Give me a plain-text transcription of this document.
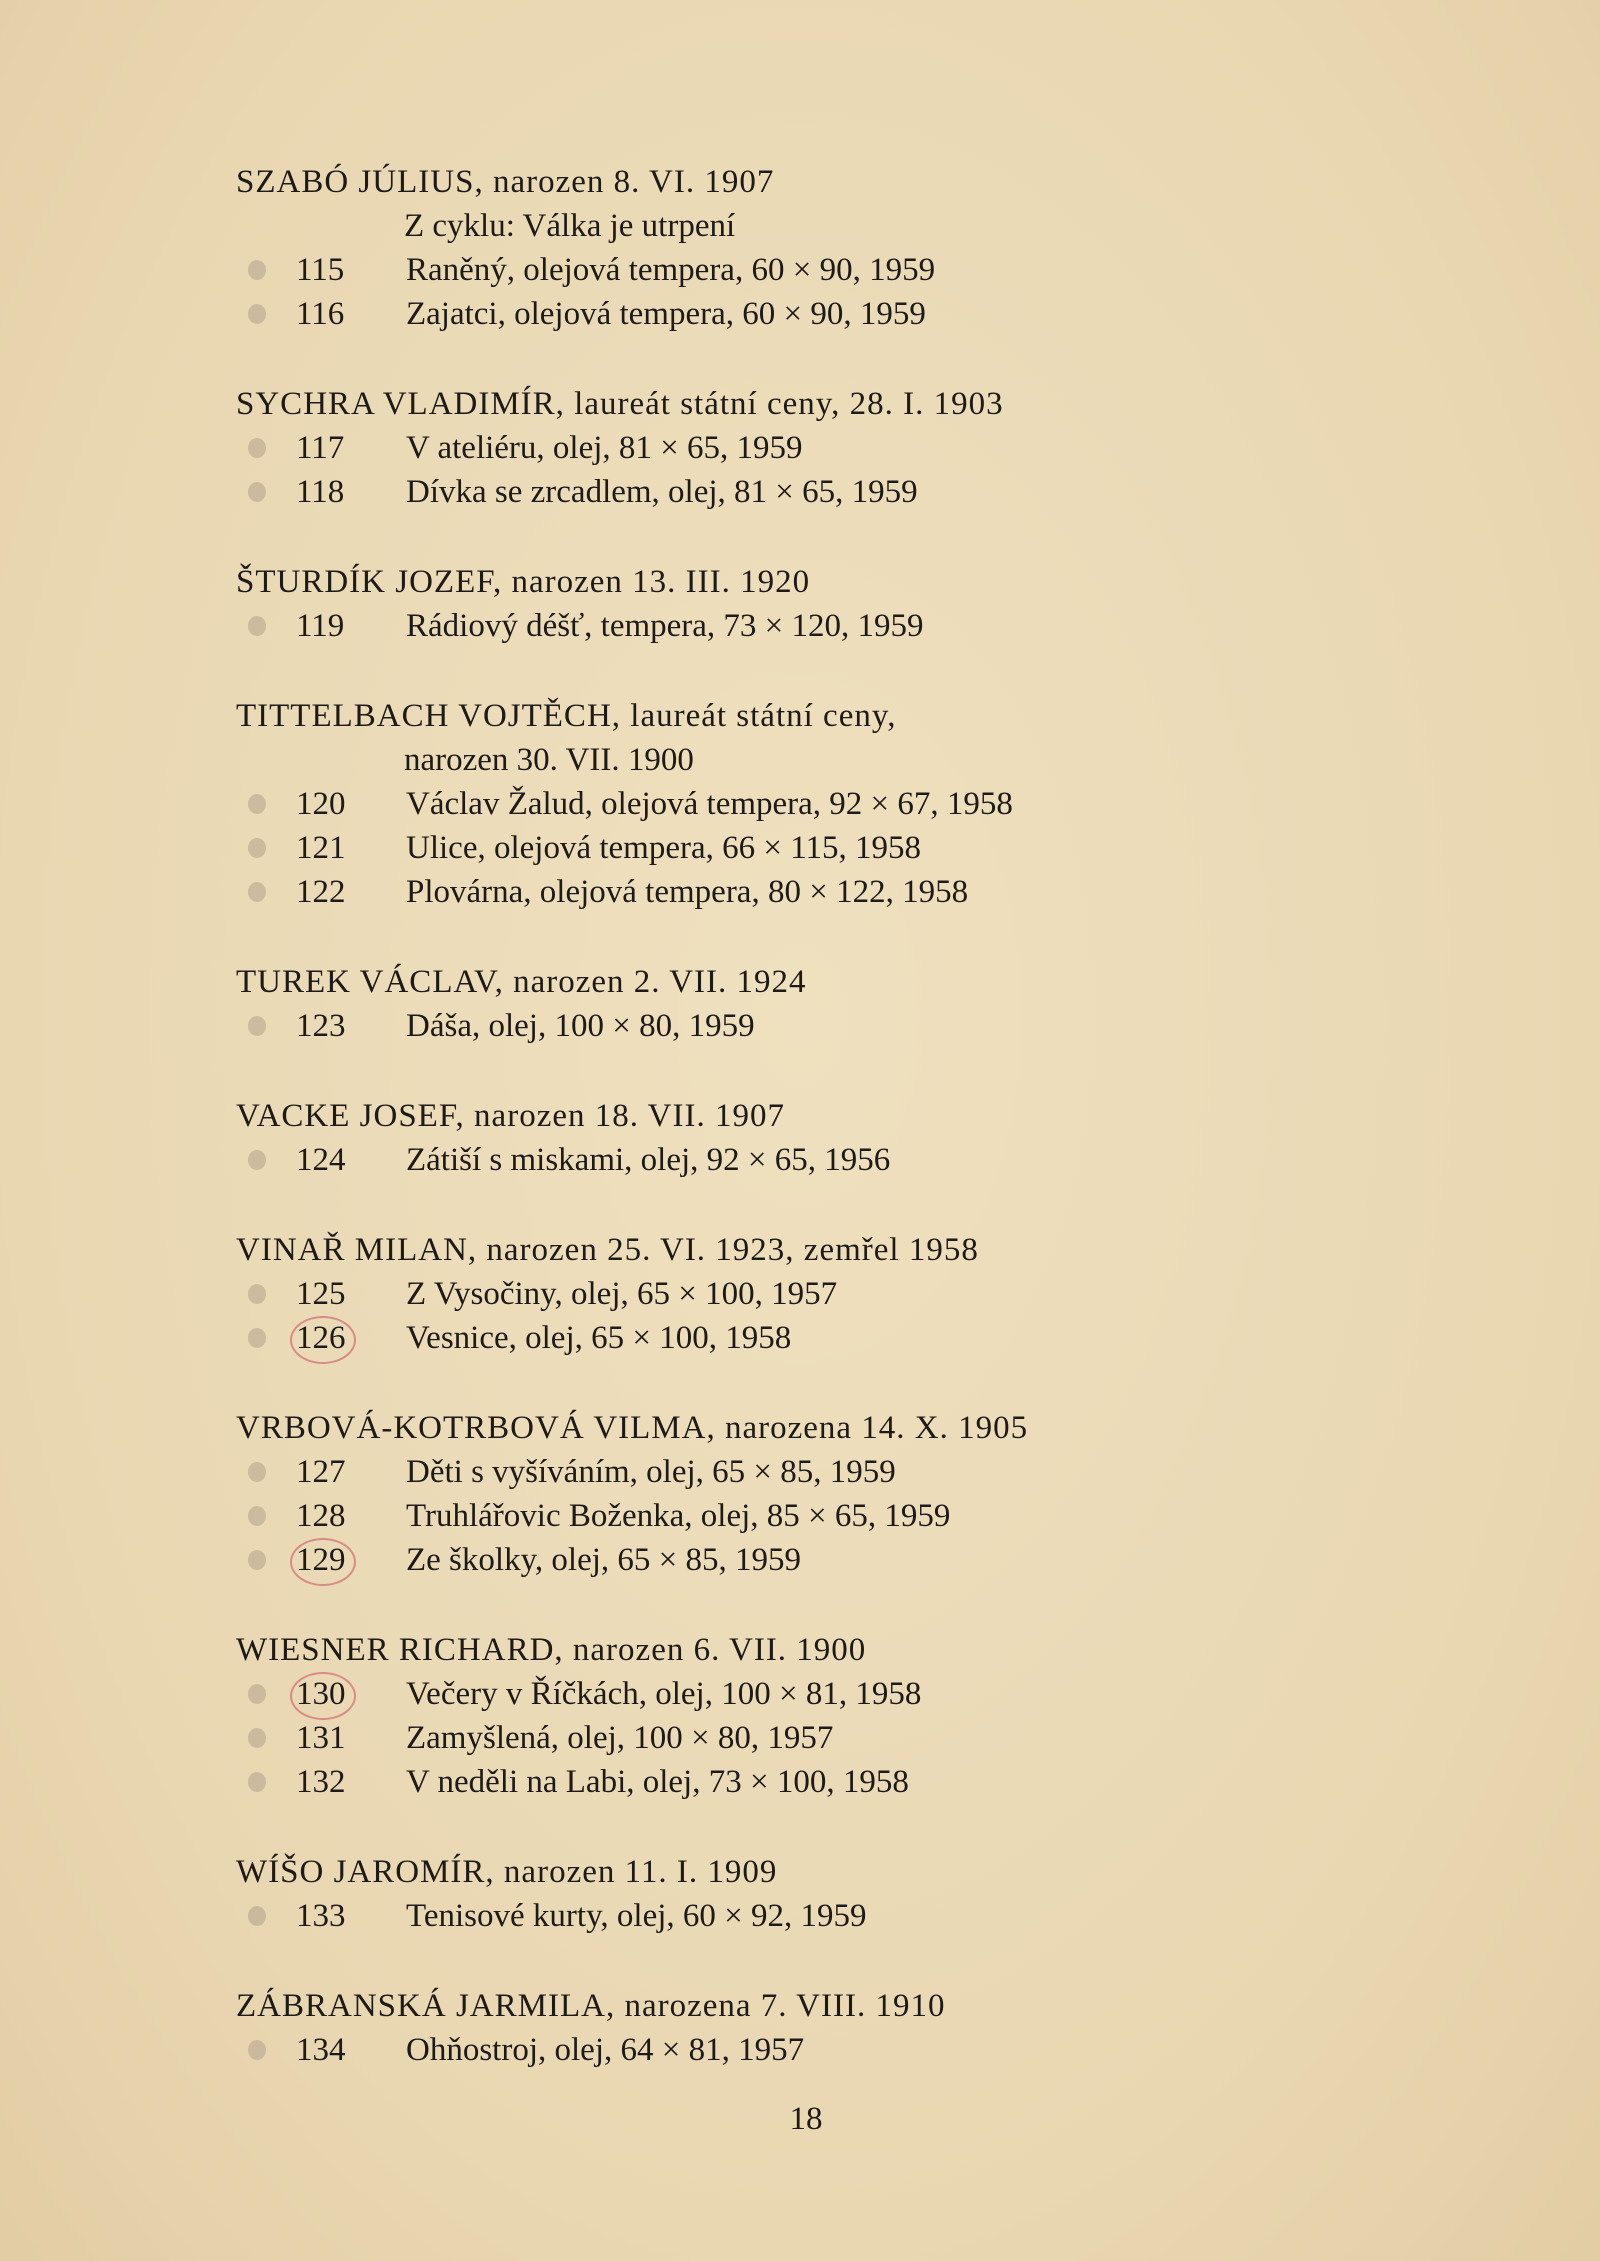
SZABÓ JÚLIUS, narozen 8. VI. 1907
Z cyklu: Válka je utrpení
115	Raněný, olejová tempera, 60 × 90, 1959
116	Zajatci, olejová tempera, 60 × 90, 1959
SYCHRA VLADIMÍR, laureát státní ceny, 28. I. 1903
117	V ateliéru, olej, 81 × 65, 1959
118	Dívka se zrcadlem, olej, 81 × 65, 1959
ŠTURDÍK JOZEF, narozen 13. III. 1920
119	Rádiový déšť, tempera, 73 × 120, 1959
TITTELBACH VOJTĚCH, laureát státní ceny,
narozen 30. VII. 1900
120	Václav Žalud, olejová tempera, 92 × 67, 1958
121	Ulice, olejová tempera, 66 × 115, 1958
122	Plovárna, olejová tempera, 80 × 122, 1958
TUREK VÁCLAV, narozen 2. VII. 1924
123	Dáša, olej, 100 × 80, 1959
VACKE JOSEF, narozen 18. VII. 1907
124	Zátiší s miskami, olej, 92 × 65, 1956
VINAŘ MILAN, narozen 25. VI. 1923, zemřel 1958
125	Z Vysočiny, olej, 65 × 100, 1957
126	Vesnice, olej, 65 × 100, 1958
VRBOVÁ-KOTRBOVÁ VILMA, narozena 14. X. 1905
127	Děti s vyšíváním, olej, 65 × 85, 1959
128	Truhlářovic Boženka, olej, 85 × 65, 1959
129	Ze školky, olej, 65 × 85, 1959
WIESNER RICHARD, narozen 6. VII. 1900
130	Večery v Říčkách, olej, 100 × 81, 1958
131	Zamyšlená, olej, 100 × 80, 1957
132	V neděli na Labi, olej, 73 × 100, 1958
WÍŠO JAROMÍR, narozen 11. I. 1909
133	Tenisové kurty, olej, 60 × 92, 1959
ZÁBRANSKÁ JARMILA, narozena 7. VIII. 1910
134	Ohňostroj, olej, 64 × 81, 1957
18
